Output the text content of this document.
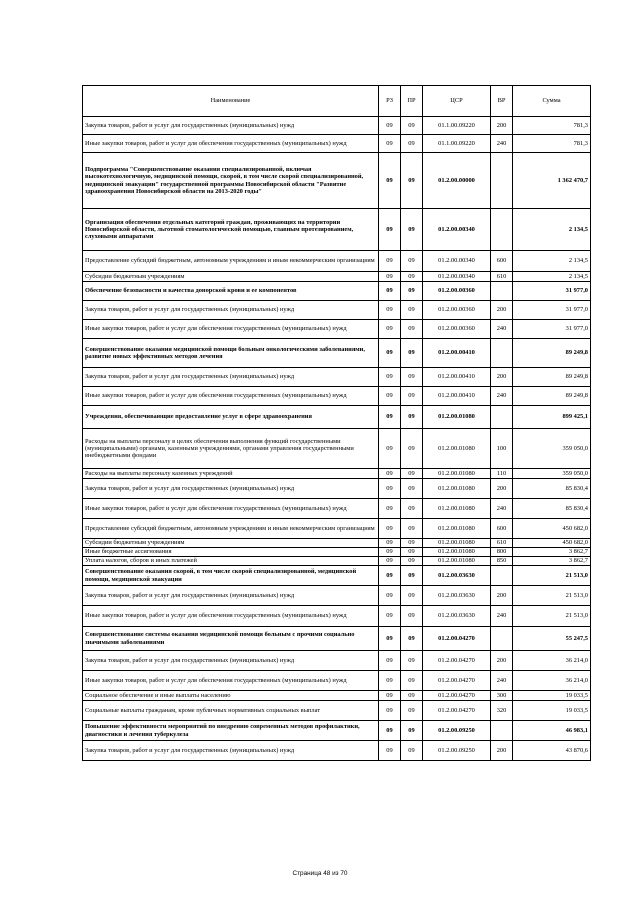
Наименование	РЗ	ПР	ЦСР	ВР	Сумма
Закупка товаров, работ и услуг для государственных (муниципальных) нужд	09	09	01.1.00.09220	200	781,3
Иные закупки товаров, работ и услуг для обеспечения государственных (муниципальных) нужд	09	09	01.1.00.09220	240	781,3
Подпрограмма "Совершенствование оказания специализированной, включая высокотехнологичную, медицинской помощи, скорой, в том числе скорой специализированной, медицинской эвакуации" государственной программы Новосибирской области "Развитие здравоохранения Новосибирской области на 2013-2020 годы"	09	09	01.2.00.00000		1 362 470,7
Организация обеспечения отдельных категорий граждан, проживающих на территории Новосибирской области, льготной стоматологической помощью, главным протезированием, слуховыми аппаратами	09	09	01.2.00.00340		2 134,5
Предоставление субсидий бюджетным, автономным учреждениям и иным некоммерческим организациям	09	09	01.2.00.00340	600	2 134,5
Субсидии бюджетным учреждениям	09	09	01.2.00.00340	610	2 134,5
Обеспечение безопасности и качества донорской крови и ее компонентов	09	09	01.2.00.00360		31 977,0
Закупка товаров, работ и услуг для государственных (муниципальных) нужд	09	09	01.2.00.00360	200	31 977,0
Иные закупки товаров, работ и услуг для обеспечения государственных (муниципальных) нужд	09	09	01.2.00.00360	240	31 977,0
Совершенствование оказания медицинской помощи больным онкологическими заболеваниями, развитие новых эффективных методов лечения	09	09	01.2.00.00410		89 249,8
Закупка товаров, работ и услуг для государственных (муниципальных) нужд	09	09	01.2.00.00410	200	89 249,8
Иные закупки товаров, работ и услуг для обеспечения государственных (муниципальных) нужд	09	09	01.2.00.00410	240	89 249,8
Учреждения, обеспечивающие предоставление услуг в сфере здравоохранения	09	09	01.2.00.01080		899 425,1
Расходы на выплаты персоналу в целях обеспечения выполнения функций государственными (муниципальными) органами, казенными учреждениями, органами управления государственными внебюджетными фондами	09	09	01.2.00.01080	100	359 050,0
Расходы на выплаты персоналу казенных учреждений	09	09	01.2.00.01080	110	359 050,0
Закупка товаров, работ и услуг для государственных (муниципальных) нужд	09	09	01.2.00.01080	200	85 830,4
Иные закупки товаров, работ и услуг для обеспечения государственных (муниципальных) нужд	09	09	01.2.00.01080	240	85 830,4
Предоставление субсидий бюджетным, автономным учреждениям и иным некоммерческим организациям	09	09	01.2.00.01080	600	450 682,0
Субсидии бюджетным учреждениям	09	09	01.2.00.01080	610	450 682,0
Иные бюджетные ассигнования	09	09	01.2.00.01080	800	3 862,7
Уплата налогов, сборов и иных платежей	09	09	01.2.00.01080	850	3 862,7
Совершенствование оказания скорой, в том числе скорой специализированной, медицинской помощи, медицинской эвакуации	09	09	01.2.00.03630		21 513,0
Закупка товаров, работ и услуг для государственных (муниципальных) нужд	09	09	01.2.00.03630	200	21 513,0
Иные закупки товаров, работ и услуг для обеспечения государственных (муниципальных) нужд	09	09	01.2.00.03630	240	21 513,0
Совершенствование системы оказания медицинской помощи больным с прочими социально значимыми заболеваниями	09	09	01.2.00.04270		55 247,5
Закупка товаров, работ и услуг для государственных (муниципальных) нужд	09	09	01.2.00.04270	200	36 214,0
Иные закупки товаров, работ и услуг для обеспечения государственных (муниципальных) нужд	09	09	01.2.00.04270	240	36 214,0
Социальное обеспечение и иные выплаты населению	09	09	01.2.00.04270	300	19 033,5
Социальные выплаты гражданам, кроме публичных нормативных социальных выплат	09	09	01.2.00.04270	320	19 033,5
Повышение эффективности мероприятий по внедрению современных методов профилактики, диагностики и лечения туберкулеза	09	09	01.2.00.09250		46 983,1
Закупка товаров, работ и услуг для государственных (муниципальных) нужд	09	09	01.2.00.09250	200	43 870,6
Страница 48 из 70
